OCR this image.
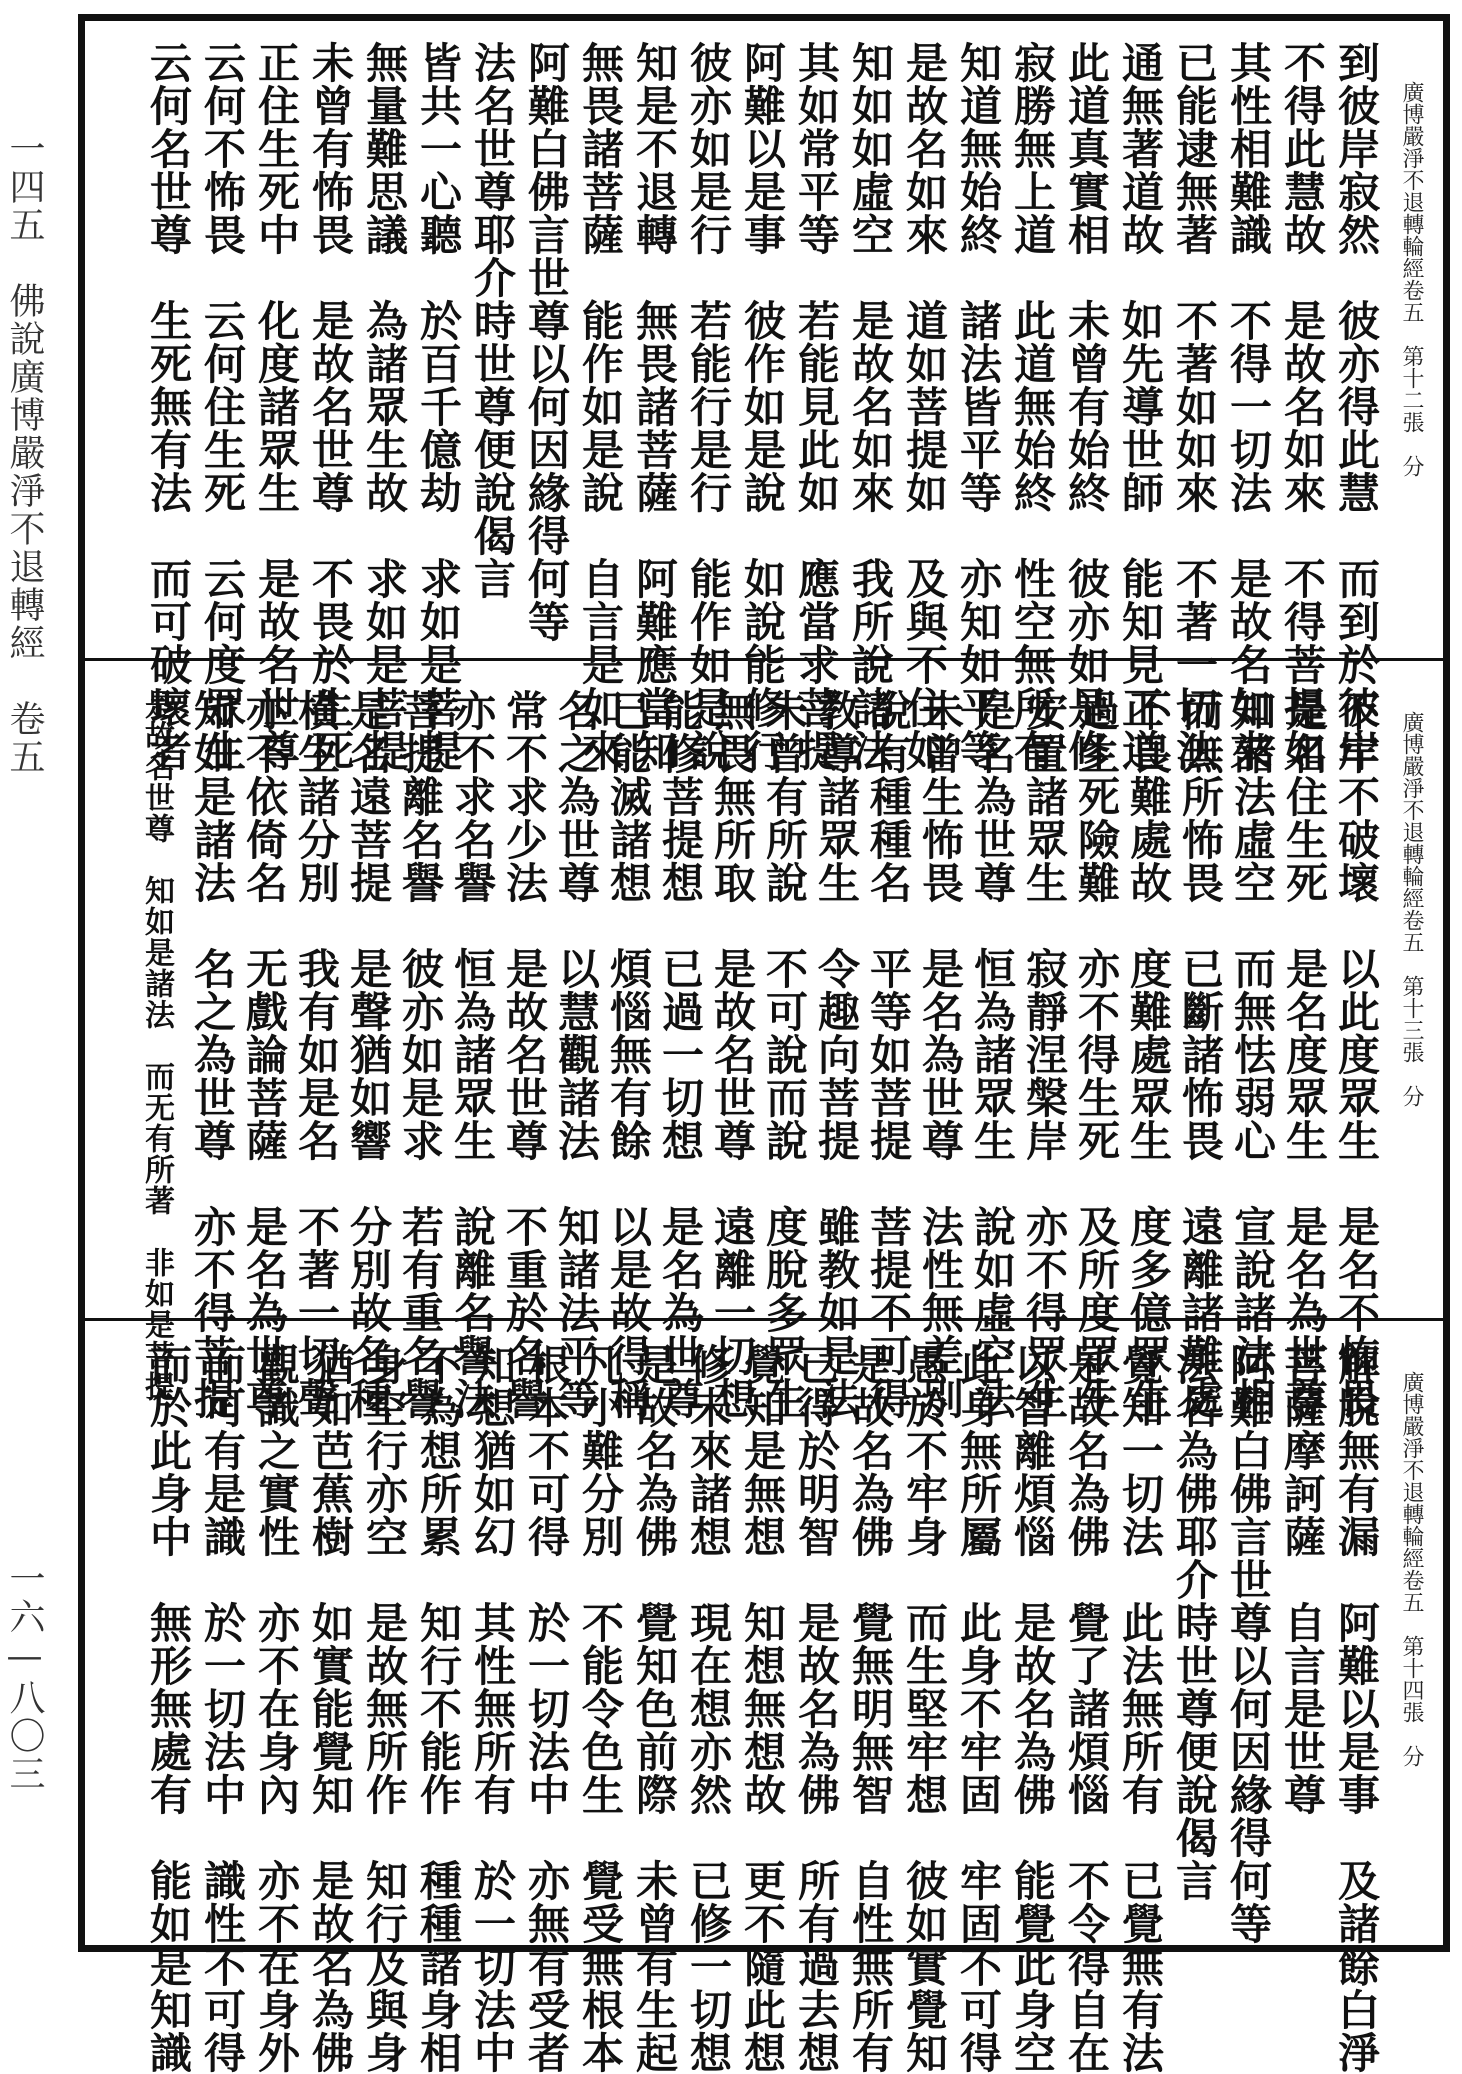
一四五　佛說廣博嚴淨不退轉經　卷五
一六—八〇三
廣博嚴淨不退轉輪經卷五　第十二張　分
到彼岸寂然　彼亦得此慧　而到於彼岸
不得此慧故　是故名如來　不得菩提如
其性相難識　不得一切法　是故名如來
已能逮無著　不著如如來　不著一切法
通無著道故　如先導世師　能知見正道
此道真實相　未曾有始終　彼亦如是修
寂勝無上道　此道無始終　性空無所有
知道無始終　諸法皆平等　亦知如平等
是故名如來　道如菩提如　及與不住如
知如如虛空　是故名如來　我所說諸法
其如常平等　若能見此如　應當求菩提
阿難以是事　彼作如是說　如說能修行
彼亦如是行　若能行是行　能作如是說
知是不退轉　無畏諸菩薩　阿難應當知
無畏諸菩薩　能作如是說　自言是如來
阿難白佛言世尊以何因緣得何等
法名世尊耶介時世尊便說偈言
皆共一心聽　於百千億劫　求如是菩提
無量難思議　為諸眾生故　求如是菩提
未曾有怖畏　是故名世尊　不畏於生死
正住生死中　化度諸眾生　是故名世尊
云何不怖畏　云何住生死　云何度眾生
云何名世尊　生死無有法　而可破壞者
廣博嚴淨不退轉輪經卷五　第十三張　分
不牢不破壞　以此度眾生　是名不怖畏
是名住生死　是名度眾生　是名為世尊
知諸法虛空　而無怯弱心　宣說諸法相
而無所怖畏　已斷諸怖畏　遠離諸難處
不畏難處故　度難處眾生　度多億眾生
過生死險難　亦不得生死　及所度眾生
安置諸眾生　寂靜涅槃岸　亦不得眾生
是名為世尊　恒為諸眾生　說如虛空法
未曾生怖畏　是名為世尊　法性無差別
說有種種名　平等如菩提　菩提不可得
教導諸眾生　令趣向菩提　雖教如是法
未曾有所說　不可說而說　度脫多眾生
無畏無所取　是故名世尊　遠離一切想
能修菩提想　已過一切想　是名為世尊
已能滅諸想　煩惱無有餘　以是故得稱
名之為世尊　以慧觀諸法　知諸法平等
常不求少法　是故名世尊　不重於名譽
亦不求名譽　恒為諸眾生　說離名譽法
菩提離名譽　彼亦如是求　若有重名譽
是名遠菩提　是聲猶如響　分別故名種
橫生諸分別　我有如是名　不著一切聲
亦不依倚名　无戲論菩薩　是名為世尊
知如是諸法　名之為世尊　亦不得菩提
是故名世尊　知如是諸法　而无有所著　非如是菩提
廣博嚴淨不退轉輪經卷五　第十四張　分
解脫無有漏　阿難以是事　及諸餘白淨
菩薩摩訶薩　自言是世尊
阿難白佛言世尊以何因緣得何等
法名為佛耶介時世尊便說偈言
覺知一切法　此法無所有　已覺無有法
是故名為佛　覺了諸煩惱　不令得自在
以智離煩惱　是故名為佛　能覺此身空
此身無所屬　此身不牢固　牢固不可得
愚於不牢身　而生堅牢想　彼如實覺知
是故名為佛　覺無明無智　自性無所有
已得於明智　是故名為佛　所有過去想
覺知是無想　知想無想故　更不隨此想
修未來諸想　現在想亦然　已修一切想
是故名為佛　覺知色前際　未曾有生起
凡小難分別　不能令色生　覺受無根本
根本不可得　於一切法中　亦無有受者
知想猶如幻　其性無所有　於一切法中
不為想所累　知行不能作　種種諸身相
身空行亦空　是故無所作　知行及與身
猶如芭蕉樹　如實能覺知　是故名為佛
觀識之實性　亦不在身內　亦不在身外
而可有是識　於一切法中　識性不可得
而於此身中　無形無處有　能如是知識
